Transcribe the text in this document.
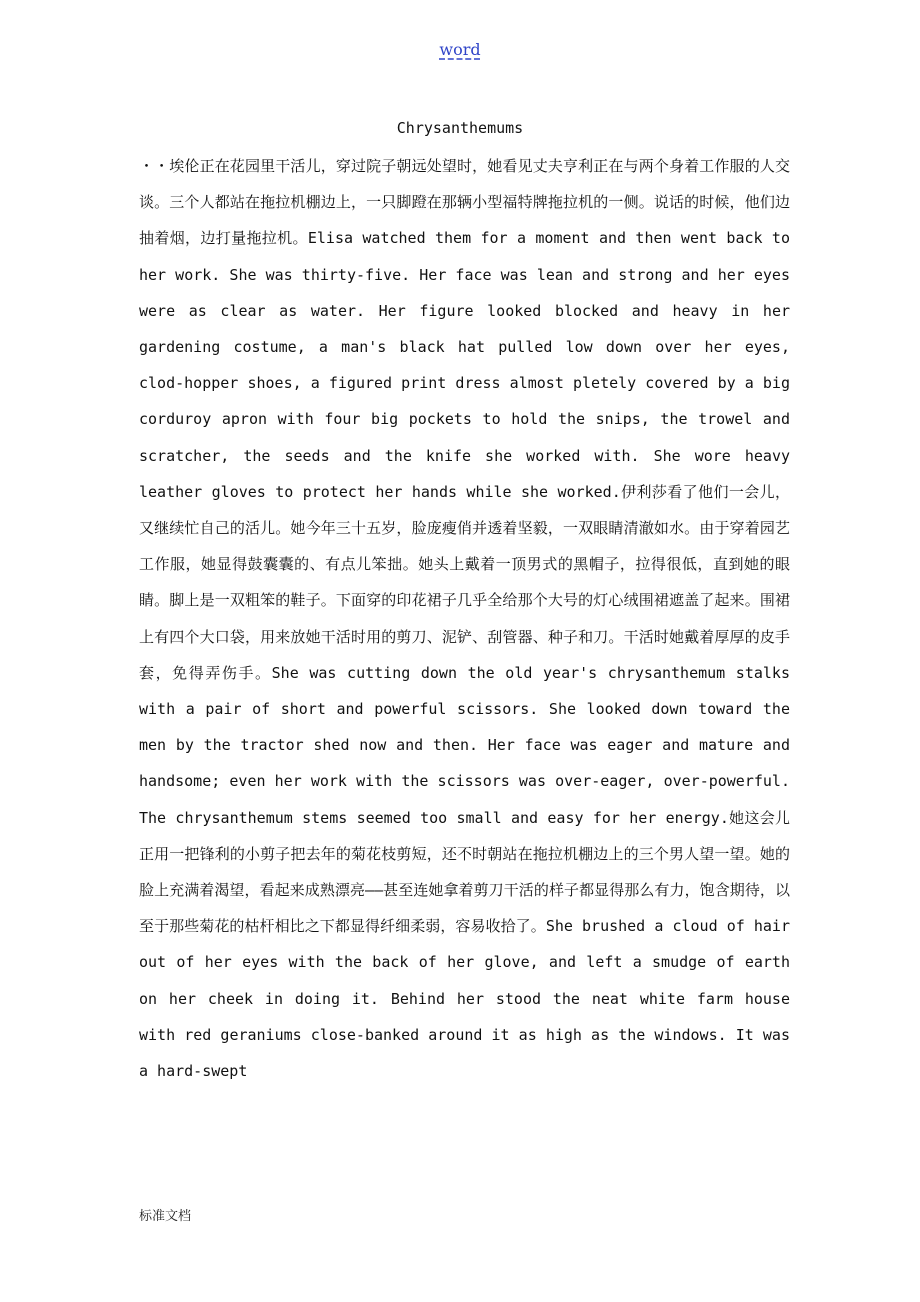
word
Chrysanthemums
・・埃伦正在花园里干活儿，穿过院子朝远处望时，她看见丈夫亨利正在与两个身着工作服的人交谈。三个人都站在拖拉机棚边上，一只脚蹬在那辆小型福特牌拖拉机的一侧。说话的时候，他们边抽着烟，边打量拖拉机。Elisa watched them for a moment and then went back to her work. She was thirty-five. Her face was lean and strong and her eyes were as clear as water. Her figure looked blocked and heavy in her gardening costume, a man's black hat pulled low down over her eyes, clod-hopper shoes, a figured print dress almost pletely covered by a big corduroy apron with four big pockets to hold the snips, the trowel and scratcher, the seeds and the knife she worked with. She wore heavy leather gloves to protect her hands while she worked.伊利莎看了他们一会儿，又继续忙自己的活儿。她今年三十五岁，脸庞瘦俏并透着坚毅，一双眼睛清澈如水。由于穿着园艺工作服，她显得鼓囊囊的、有点儿笨拙。她头上戴着一顶男式的黑帽子，拉得很低，直到她的眼睛。脚上是一双粗笨的鞋子。下面穿的印花裙子几乎全给那个大号的灯心绒围裙遮盖了起来。围裙上有四个大口袋，用来放她干活时用的剪刀、泥铲、刮管器、种子和刀。干活时她戴着厚厚的皮手套，免得弄伤手。She was cutting down the old year's chrysanthemum stalks with a pair of short and powerful scissors. She looked down toward the men by the tractor shed now and then. Her face was eager and mature and handsome; even her work with the scissors was over-eager, over-powerful. The chrysanthemum stems seemed too small and easy for her energy.她这会儿正用一把锋利的小剪子把去年的菊花枝剪短，还不时朝站在拖拉机棚边上的三个男人望一望。她的脸上充满着渴望，看起来成熟漂亮——甚至连她拿着剪刀干活的样子都显得那么有力，饱含期待，以至于那些菊花的枯杆相比之下都显得纤细柔弱，容易收拾了。She brushed a cloud of hair out of her eyes with the back of her glove, and left a smudge of earth on her cheek in doing it. Behind her stood the neat white farm house with red geraniums close-banked around it as high as the windows. It was a hard-swept
标准文档
